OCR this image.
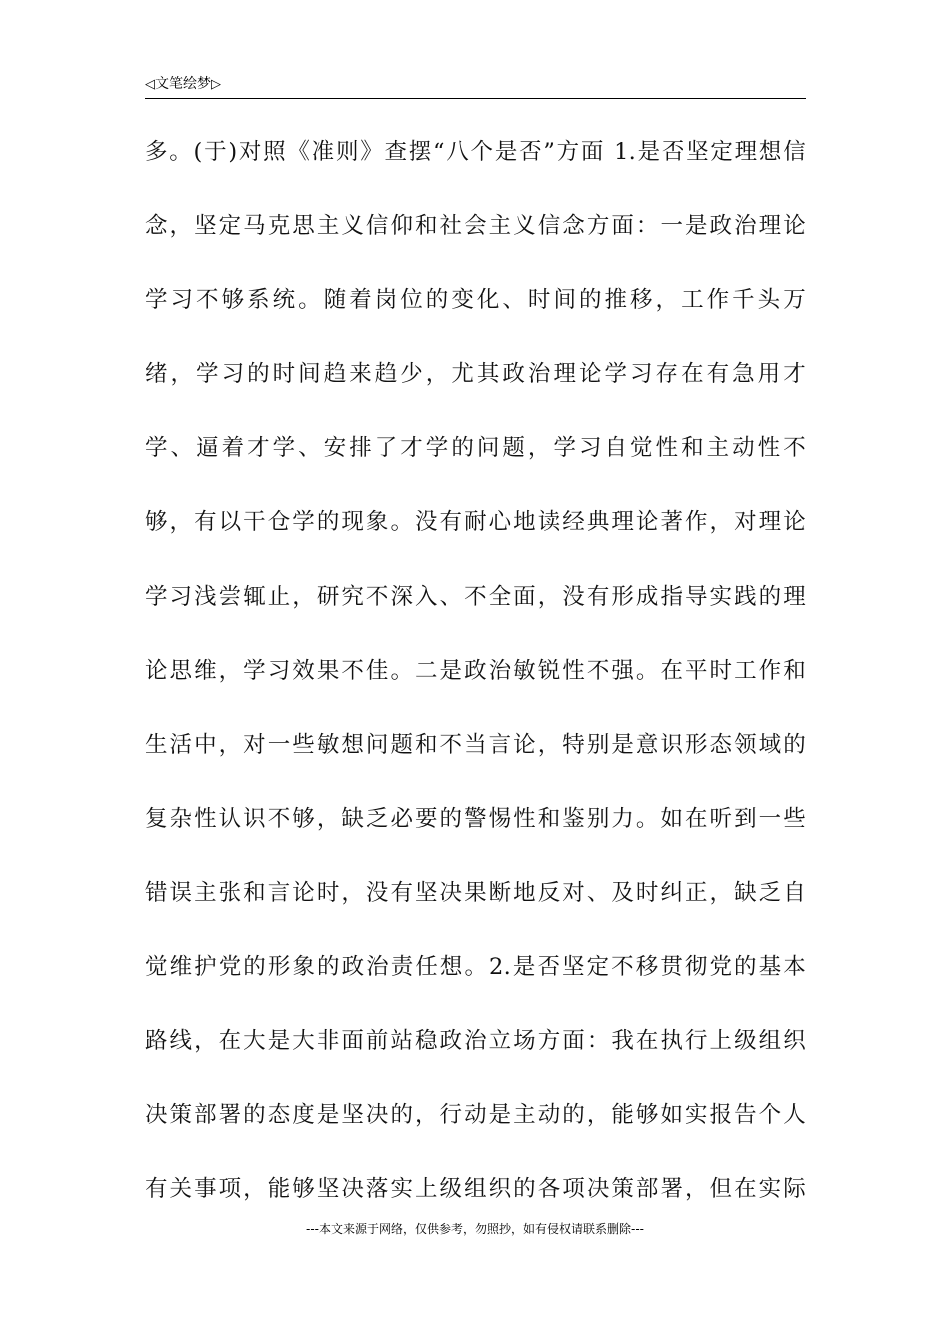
◁文笔绘梦▷
多。(于)对照《准则》查摆“八个是否”方面 1.是否坚定理想信
念，坚定马克思主义信仰和社会主义信念方面：一是政治理论
学习不够系统。随着岗位的变化、时间的推移，工作千头万
绪，学习的时间趋来趋少，尤其政治理论学习存在有急用才
学、逼着才学、安排了才学的问题，学习自觉性和主动性不
够，有以干仓学的现象。没有耐心地读经典理论著作，对理论
学习浅尝辄止，研究不深入、不全面，没有形成指导实践的理
论思维，学习效果不佳。二是政治敏锐性不强。在平时工作和
生活中，对一些敏想问题和不当言论，特别是意识形态领域的
复杂性认识不够，缺乏必要的警惕性和鉴别力。如在听到一些
错误主张和言论时，没有坚决果断地反对、及时纠正，缺乏自
觉维护党的形象的政治责任想。2.是否坚定不移贯彻党的基本
路线，在大是大非面前站稳政治立场方面：我在执行上级组织
决策部署的态度是坚决的，行动是主动的，能够如实报告个人
有关事项，能够坚决落实上级组织的各项决策部署，但在实际
---本文来源于网络，仅供参考，勿照抄，如有侵权请联系删除---
